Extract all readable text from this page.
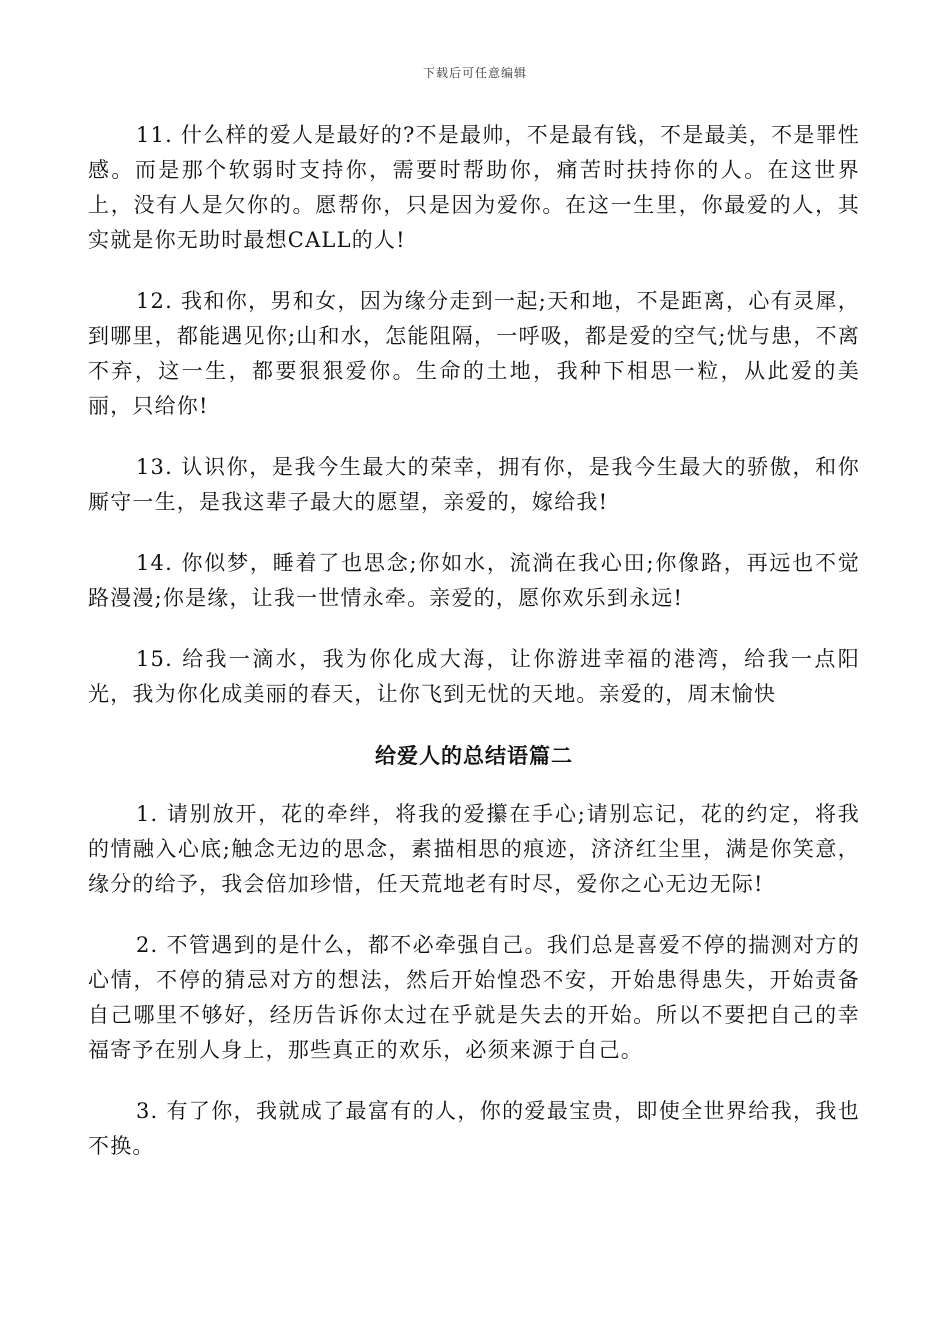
下载后可任意编辑

11. 什么样的爱人是最好的?不是最帅，不是最有钱，不是最美，不是罪性感。而是那个软弱时支持你，需要时帮助你，痛苦时扶持你的人。在这世界上，没有人是欠你的。愿帮你，只是因为爱你。在这一生里，你最爱的人，其实就是你无助时最想CALL的人!

12. 我和你，男和女，因为缘分走到一起;天和地，不是距离，心有灵犀，到哪里，都能遇见你;山和水，怎能阻隔，一呼吸，都是爱的空气;忧与患，不离不弃，这一生，都要狠狠爱你。生命的土地，我种下相思一粒，从此爱的美丽，只给你!

13. 认识你，是我今生最大的荣幸，拥有你，是我今生最大的骄傲，和你厮守一生，是我这辈子最大的愿望，亲爱的，嫁给我!

14. 你似梦，睡着了也思念;你如水，流淌在我心田;你像路，再远也不觉路漫漫;你是缘，让我一世情永牵。亲爱的，愿你欢乐到永远!

15. 给我一滴水，我为你化成大海，让你游进幸福的港湾，给我一点阳光，我为你化成美丽的春天，让你飞到无忧的天地。亲爱的，周末愉快

给爱人的总结语篇二

1. 请别放开，花的牵绊，将我的爱攥在手心;请别忘记，花的约定，将我的情融入心底;触念无边的思念，素描相思的痕迹，济济红尘里，满是你笑意，缘分的给予，我会倍加珍惜，任天荒地老有时尽，爱你之心无边无际!

2. 不管遇到的是什么，都不必牵强自己。我们总是喜爱不停的揣测对方的心情，不停的猜忌对方的想法，然后开始惶恐不安，开始患得患失，开始责备自己哪里不够好，经历告诉你太过在乎就是失去的开始。所以不要把自己的幸福寄予在别人身上，那些真正的欢乐，必须来源于自己。

3. 有了你，我就成了最富有的人，你的爱最宝贵，即使全世界给我，我也不换。
